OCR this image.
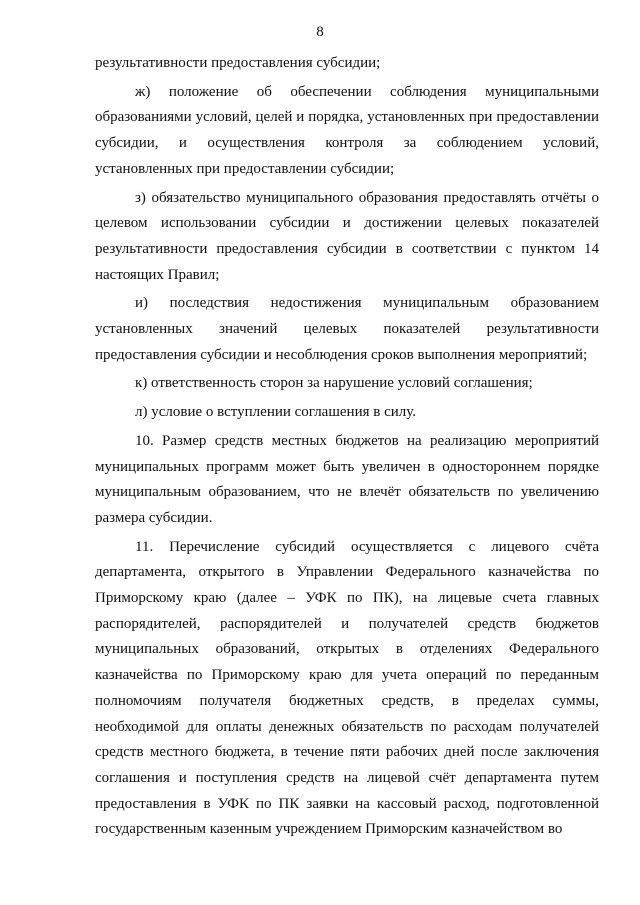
8

результативности предоставления субсидии;

ж) положение об обеспечении соблюдения муниципальными образованиями условий, целей и порядка, установленных при предоставлении субсидии, и осуществления контроля за соблюдением условий, установленных при предоставлении субсидии;

з) обязательство муниципального образования предоставлять отчёты о целевом использовании субсидии и достижении целевых показателей результативности предоставления субсидии в соответствии с пунктом 14 настоящих Правил;

и) последствия недостижения муниципальным образованием установленных значений целевых показателей результативности предоставления субсидии и несоблюдения сроков выполнения мероприятий;

к) ответственность сторон за нарушение условий соглашения;

л) условие о вступлении соглашения в силу.

10. Размер средств местных бюджетов на реализацию мероприятий муниципальных программ может быть увеличен в одностороннем порядке муниципальным образованием, что не влечёт обязательств по увеличению размера субсидии.

11. Перечисление субсидий осуществляется с лицевого счёта департамента, открытого в Управлении Федерального казначейства по Приморскому краю (далее – УФК по ПК), на лицевые счета главных распорядителей, распорядителей и получателей средств бюджетов муниципальных образований, открытых в отделениях Федерального казначейства по Приморскому краю для учета операций по переданным полномочиям получателя бюджетных средств, в пределах суммы, необходимой для оплаты денежных обязательств по расходам получателей средств местного бюджета, в течение пяти рабочих дней после заключения соглашения и поступления средств на лицевой счёт департамента путем предоставления в УФК по ПК заявки на кассовый расход, подготовленной государственным казенным учреждением Приморским казначейством во
